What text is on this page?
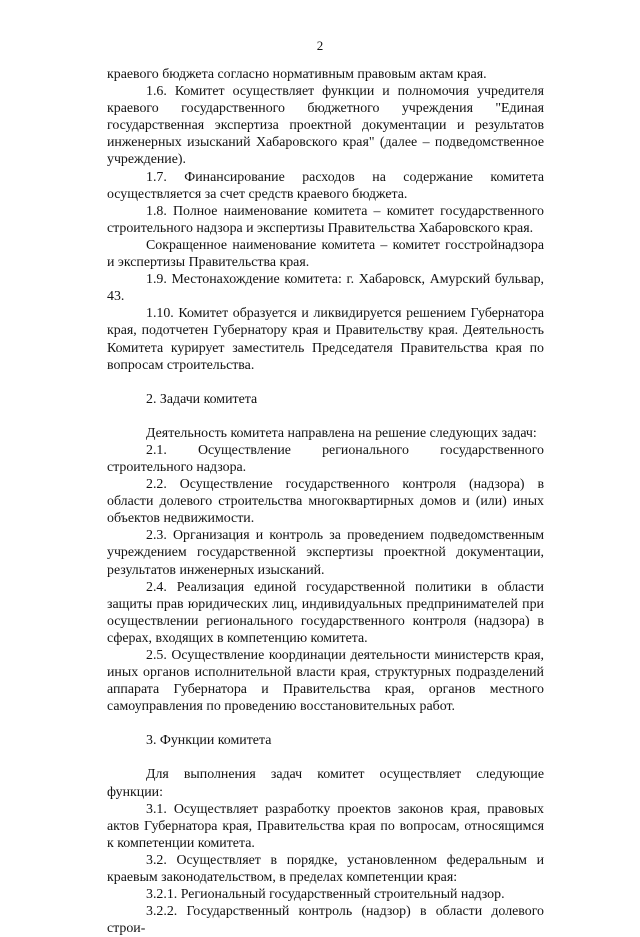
2

краевого бюджета согласно нормативным правовым актам края.

1.6. Комитет осуществляет функции и полномочия учредителя краевого государственного бюджетного учреждения "Единая государственная экспертиза проектной документации и результатов инженерных изысканий Хабаровского края" (далее – подведомственное учреждение).

1.7. Финансирование расходов на содержание комитета осуществляется за счет средств краевого бюджета.

1.8. Полное наименование комитета – комитет государственного строительного надзора и экспертизы Правительства Хабаровского края.

Сокращенное наименование комитета – комитет госстройнадзора и экспертизы Правительства края.

1.9. Местонахождение комитета: г. Хабаровск, Амурский бульвар, 43.

1.10. Комитет образуется и ликвидируется решением Губернатора края, подотчетен Губернатору края и Правительству края. Деятельность Комитета курирует заместитель Председателя Правительства края по вопросам строительства.

2. Задачи комитета

Деятельность комитета направлена на решение следующих задач:

2.1. Осуществление регионального государственного строительного надзора.

2.2. Осуществление государственного контроля (надзора) в области долевого строительства многоквартирных домов и (или) иных объектов недвижимости.

2.3. Организация и контроль за проведением подведомственным учреждением государственной экспертизы проектной документации, результатов инженерных изысканий.

2.4. Реализация единой государственной политики в области защиты прав юридических лиц, индивидуальных предпринимателей при осуществлении регионального государственного контроля (надзора) в сферах, входящих в компетенцию комитета.

2.5. Осуществление координации деятельности министерств края, иных органов исполнительной власти края, структурных подразделений аппарата Губернатора и Правительства края, органов местного самоуправления по проведению восстановительных работ.

3. Функции комитета

Для выполнения задач комитет осуществляет следующие функции:

3.1. Осуществляет разработку проектов законов края, правовых актов Губернатора края, Правительства края по вопросам, относящимся к компетенции комитета.

3.2. Осуществляет в порядке, установленном федеральным и краевым законодательством, в пределах компетенции края:

3.2.1. Региональный государственный строительный надзор.

3.2.2. Государственный контроль (надзор) в области долевого строи-
